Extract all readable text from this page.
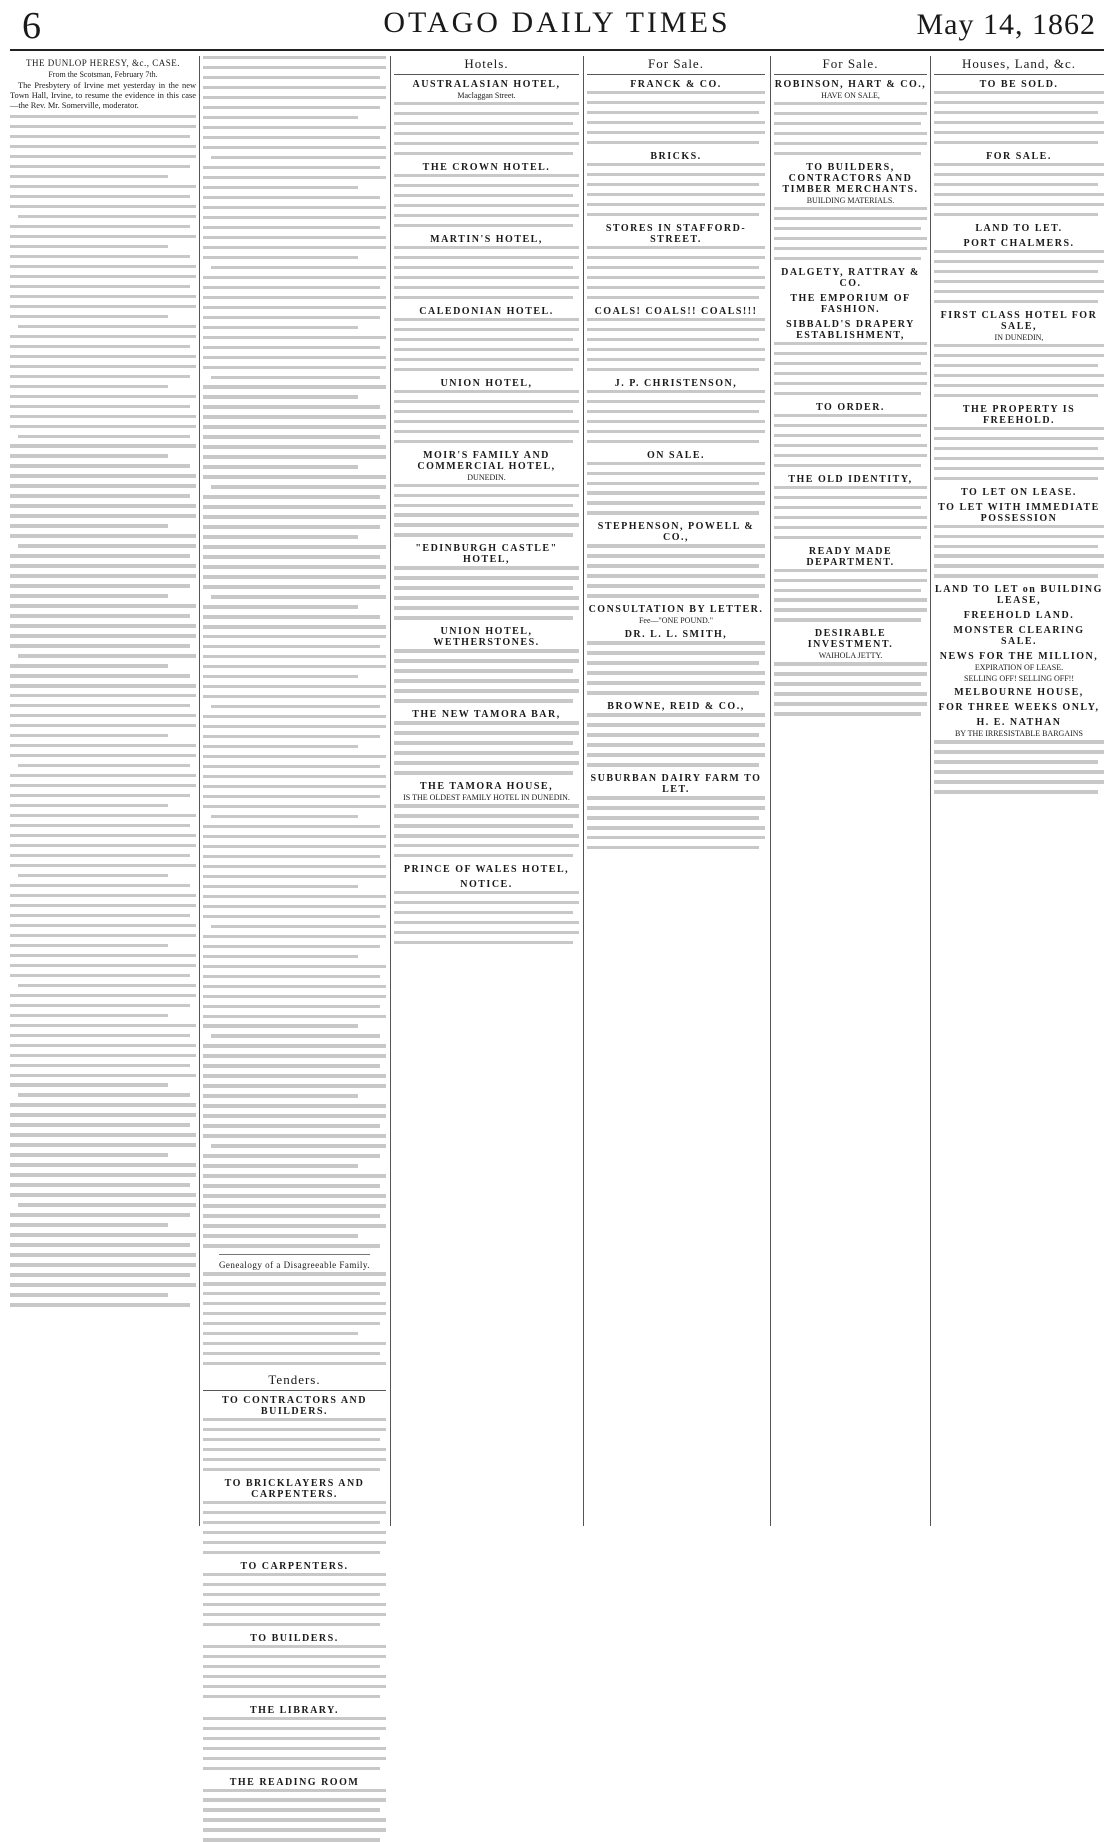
6	OTAGO DAILY TIMES	May 14, 1862
THE DUNLOP HERESY, &c., CASE.
From the Scotsman, February 7th.

The Presbytery of Irvine met yesterday in the new Town Hall, Irvine, to resume the evidence in this case—the Rev. Mr. Somerville, moderator.

Genealogy of a Disagreeable Family.
Tenders.
TO CONTRACTORS AND BUILDERS.
TO BRICKLAYERS AND CARPENTERS.
TO CARPENTERS.
TO BUILDERS.
THE LIBRARY.
THE READING ROOM
Hotels.
AUSTRALASIAN HOTEL,
Maclaggan Street.
THE CROWN HOTEL.
MARTIN'S HOTEL,
CALEDONIAN HOTEL.
UNION HOTEL,
MOIR'S FAMILY AND COMMERCIAL HOTEL,
DUNEDIN.
"EDINBURGH CASTLE" HOTEL,
UNION HOTEL, WETHERSTONES.
THE NEW TAMORA BAR,
THE TAMORA HOUSE,
IS THE OLDEST FAMILY HOTEL IN DUNEDIN.
PRINCE OF WALES HOTEL,
NOTICE.
For Sale.
FRANCK & CO.
BRICKS.
STORES IN STAFFORD-STREET.
COALS! COALS!! COALS!!!
J. P. CHRISTENSON,
ON SALE.
STEPHENSON, POWELL & CO.,
CONSULTATION BY LETTER.
Fee—"ONE POUND."
DR. L. L. SMITH,
BROWNE, REID & CO.,
SUBURBAN DAIRY FARM TO LET.
For Sale.
ROBINSON, HART & CO.,
HAVE ON SALE,
TO BUILDERS, CONTRACTORS AND TIMBER MERCHANTS.
BUILDING MATERIALS.
DALGETY, RATTRAY & CO.
THE EMPORIUM OF FASHION.
SIBBALD'S DRAPERY ESTABLISHMENT,
TO ORDER.
THE OLD IDENTITY,
READY MADE DEPARTMENT.
DESIRABLE INVESTMENT.
WAIHOLA JETTY.
Houses, Land, &c.
TO BE SOLD.
FOR SALE.
LAND TO LET.
PORT CHALMERS.
FIRST CLASS HOTEL FOR SALE,
IN DUNEDIN,
THE PROPERTY IS FREEHOLD.
TO LET ON LEASE.
TO LET WITH IMMEDIATE POSSESSION
LAND TO LET on BUILDING LEASE,
FREEHOLD LAND.
MONSTER CLEARING SALE.
NEWS FOR THE MILLION,
EXPIRATION OF LEASE.
SELLING OFF! SELLING OFF!!
MELBOURNE HOUSE,
FOR THREE WEEKS ONLY,
H. E. NATHAN
BY THE IRRESISTABLE BARGAINS
